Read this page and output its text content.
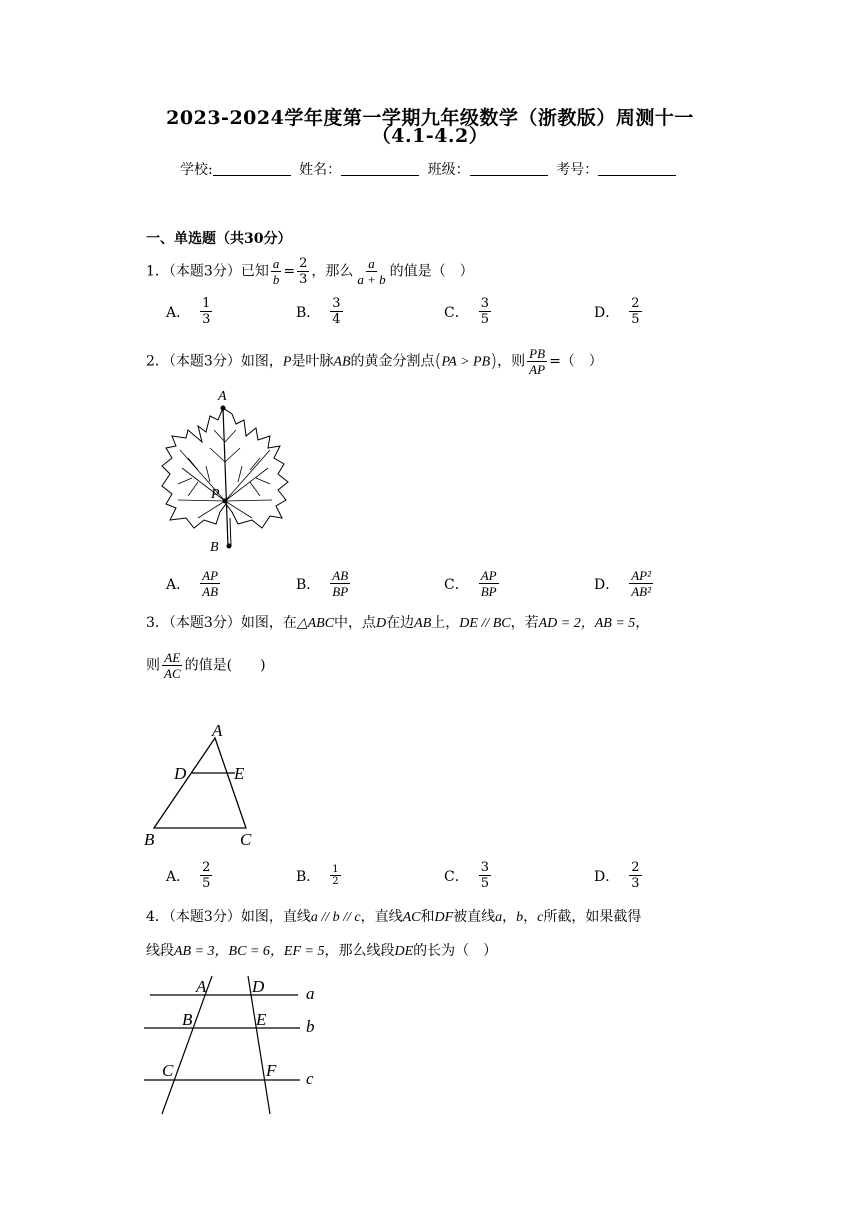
2023-2024学年度第一学期九年级数学（浙教版）周测十一
（4.1-4.2）
学校:	姓名：	班级：	考号：
一、单选题（共30分）
1．（本题3分）已知 $\frac{a}{b} = \frac{2}{3}$ ，那么 $\frac{a}{a + b}$ 的值是（　）
A． $\frac{1}{3}$	B． $\frac{3}{4}$	C． $\frac{3}{5}$	D． $\frac{2}{5}$
2．（本题3分）如图，P是叶脉AB的黄金分割点(PA > PB)，则 $\frac{PB}{AP}$ =（　）
A
P
B
A． $\frac{AP}{AB}$	B． $\frac{AB}{BP}$	C． $\frac{AP}{BP}$	D． $\frac{\text{AP²}}{\text{AB²}}$
3．（本题3分）如图，在△ABC中，点D在边AB上，DE // BC，若AD = 2，AB = 5，
则 $\frac{AE}{AC}$ 的值是(　　)
A
D	E
B	C
A． $\frac{2}{5}$	B． $\frac{1}{2}$	C． $\frac{3}{5}$	D． $\frac{2}{3}$
4．（本题3分）如图，直线a // b // c，直线AC和DF被直线a，b，c所截，如果截得
线段AB = 3，BC = 6，EF = 5，那么线段DE的长为（　）
A	D a
B	E b
C	F c
